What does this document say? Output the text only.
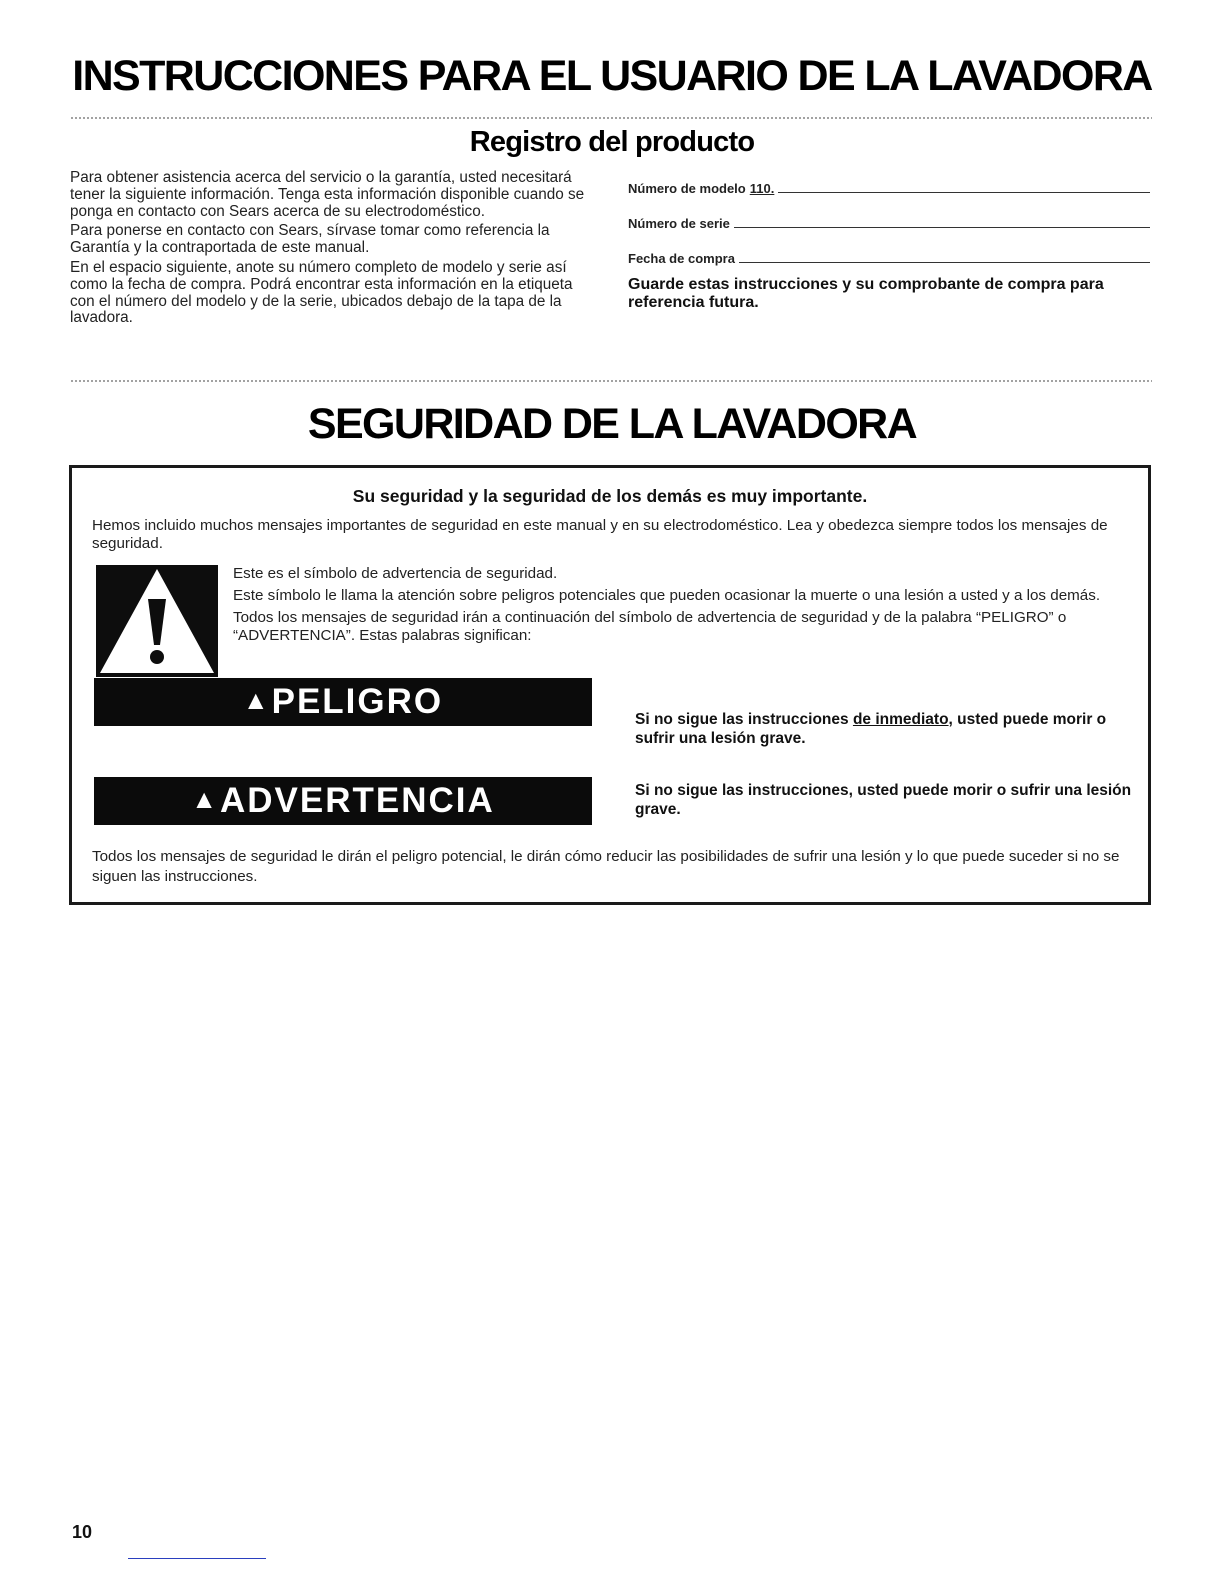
INSTRUCCIONES PARA EL USUARIO DE LA LAVADORA
Registro del producto

Para obtener asistencia acerca del servicio o la garantía, usted necesitará tener la siguiente información. Tenga esta información disponible cuando se ponga en contacto con Sears acerca de su electrodoméstico.

Para ponerse en contacto con Sears, sírvase tomar como referencia la Garantía y la contraportada de este manual.

En el espacio siguiente, anote su número completo de modelo y serie así como la fecha de compra. Podrá encontrar esta información en la etiqueta con el número del modelo y de la serie, ubicados debajo de la tapa de la lavadora.

Número de modelo 110.
Número de serie
Fecha de compra

Guarde estas instrucciones y su comprobante de compra para referencia futura.

SEGURIDAD DE LA LAVADORA
Su seguridad y la seguridad de los demás es muy importante.

Hemos incluido muchos mensajes importantes de seguridad en este manual y en su electrodoméstico. Lea y obedezca siempre todos los mensajes de seguridad.

Este es el símbolo de advertencia de seguridad.

Este símbolo le llama la atención sobre peligros potenciales que pueden ocasionar la muerte o una lesión a usted y a los demás.

Todos los mensajes de seguridad irán a continuación del símbolo de advertencia de seguridad y de la palabra “PELIGRO” o “ADVERTENCIA”. Estas palabras significan:

▲ PELIGRO	Si no sigue las instrucciones de inmediato, usted puede morir o sufrir una lesión grave.

▲ ADVERTENCIA	Si no sigue las instrucciones, usted puede morir o sufrir una lesión grave.

Todos los mensajes de seguridad le dirán el peligro potencial, le dirán cómo reducir las posibilidades de sufrir una lesión y lo que puede suceder si no se siguen las instrucciones.

10
